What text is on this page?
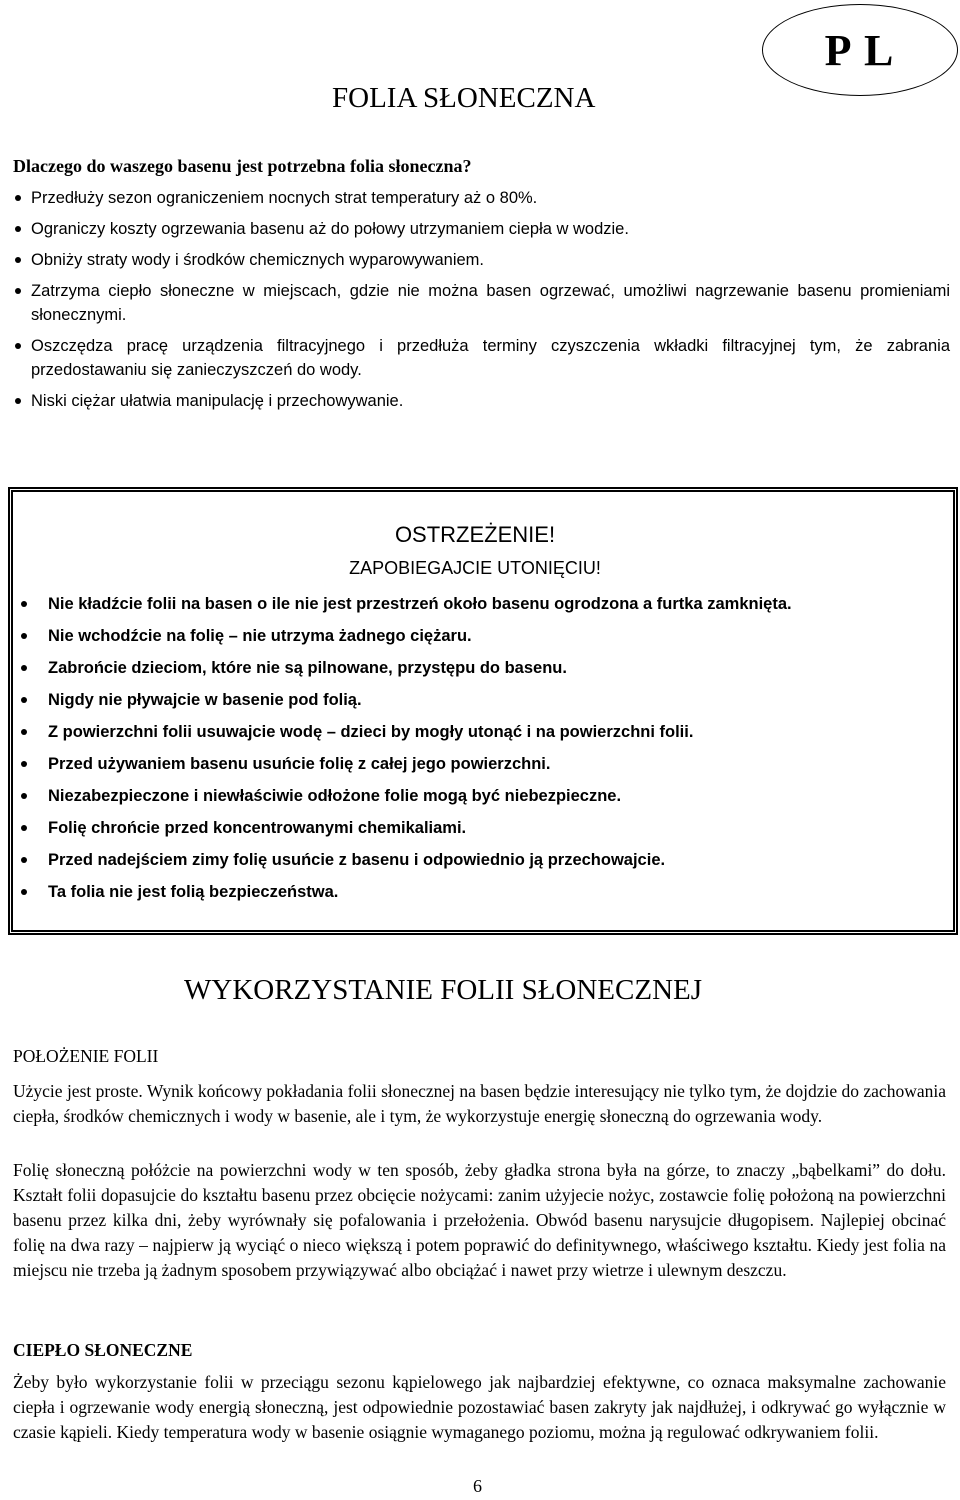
P L
FOLIA SŁONECZNA
Dlaczego do waszego basenu jest potrzebna folia słoneczna?
Przedłuży sezon ograniczeniem nocnych strat temperatury aż o 80%.
Ograniczy koszty ogrzewania basenu aż do połowy utrzymaniem ciepła w wodzie.
Obniży straty wody i środków chemicznych wyparowywaniem.
Zatrzyma ciepło słoneczne w miejscach, gdzie nie można basen ogrzewać, umożliwi nagrzewanie basenu promieniami słonecznymi.
Oszczędza pracę urządzenia filtracyjnego i przedłuża terminy czyszczenia wkładki filtracyjnej tym, że zabrania przedostawaniu się zanieczyszczeń do wody.
Niski ciężar ułatwia manipulację i przechowywanie.
OSTRZEŻENIE!
ZAPOBIEGAJCIE UTONIĘCIU!
Nie kładźcie folii na basen o ile nie jest przestrzeń około basenu ogrodzona a furtka zamknięta.
Nie wchodźcie na folię – nie utrzyma żadnego ciężaru.
Zabrońcie dzieciom, które nie są pilnowane, przystępu do basenu.
Nigdy nie pływajcie w basenie pod folią.
Z powierzchni folii usuwajcie wodę – dzieci by mogły utonąć i na powierzchni folii.
Przed używaniem basenu usuńcie folię z całej jego powierzchni.
Niezabezpieczone i niewłaściwie odłożone folie mogą być niebezpieczne.
Folię chrońcie przed koncentrowanymi chemikaliami.
Przed nadejściem zimy folię usuńcie z basenu i odpowiednio ją przechowajcie.
Ta folia nie jest folią bezpieczeństwa.
WYKORZYSTANIE FOLII SŁONECZNEJ
POŁOŻENIE FOLII

Użycie jest proste. Wynik końcowy pokładania folii słonecznej na basen będzie interesujący nie tylko tym, że dojdzie do zachowania ciepła, środków chemicznych i wody w basenie, ale i tym, że wykorzystuje energię słoneczną do ogrzewania wody.

Folię słoneczną połóżcie na powierzchni wody w ten sposób, żeby gładka strona była na górze, to znaczy „bąbelkami” do dołu. Kształt folii dopasujcie do kształtu basenu przez obcięcie nożycami: zanim użyjecie nożyc, zostawcie folię położoną na powierzchni basenu przez kilka dni, żeby wyrównały się pofalowania i przełożenia. Obwód basenu narysujcie długopisem. Najlepiej obcinać folię na dwa razy – najpierw ją wyciąć o nieco większą i potem poprawić do definitywnego, właściwego kształtu. Kiedy jest folia na miejscu nie trzeba ją żadnym sposobem przywiązywać albo obciążać i nawet przy wietrze i ulewnym deszczu.

CIEPŁO SŁONECZNE

Żeby było wykorzystanie folii w przeciągu sezonu kąpielowego jak najbardziej efektywne, co oznaca maksymalne zachowanie ciepła i ogrzewanie wody energią słoneczną, jest odpowiednie pozostawiać basen zakryty jak najdłużej, i odkrywać go wyłącznie w czasie kąpieli. Kiedy temperatura wody w basenie osiągnie wymaganego poziomu, można ją regulować odkrywaniem folii.

6
